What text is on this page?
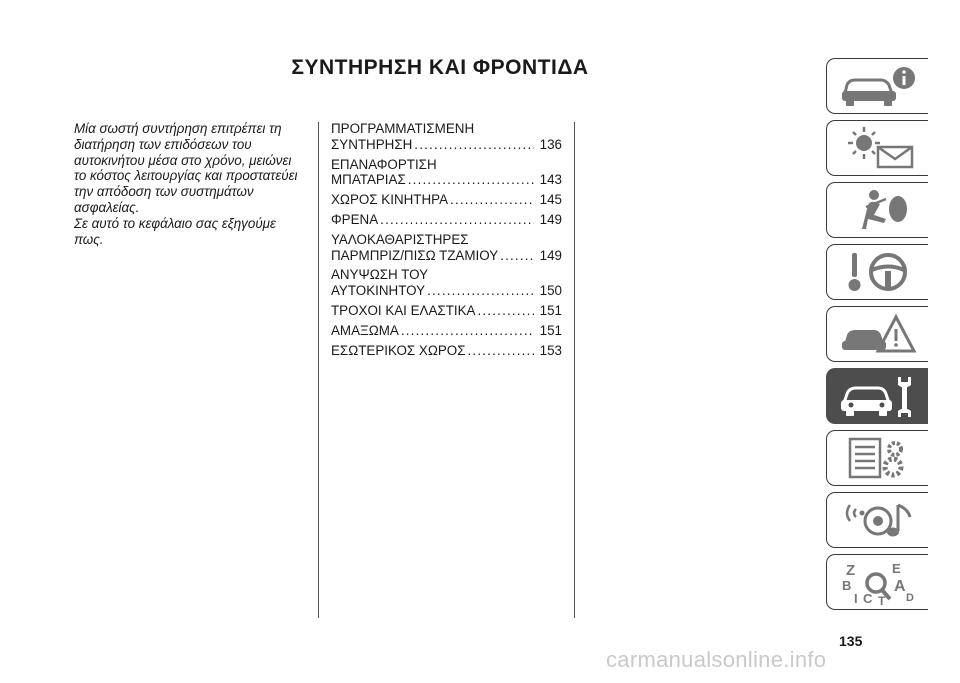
ΣΥΝΤΗΡΗΣΗ ΚΑΙ ΦΡΟΝΤΙΔΑ

Μία σωστή συντήρηση επιτρέπει τη διατήρηση των επιδόσεων του αυτοκινήτου μέσα στο χρόνο, μειώνει το κόστος λειτουργίας και προστατεύει την απόδοση των συστημάτων ασφαλείας.

Σε αυτό το κεφάλαιο σας εξηγούμε πως.

ΠΡΟΓΡΑΜΜΑΤΙΣΜΕΝΗ
ΣΥΝΤΗΡΗΣΗ .....	136
ΕΠΑΝΑΦΟΡΤΙΣΗ
ΜΠΑΤΑΡΙΑΣ .....	143
ΧΩΡΟΣ ΚΙΝΗΤΗΡΑ .....	145
ΦΡΕΝΑ .....	149
ΥΑΛΟΚΑΘΑΡΙΣΤΗΡΕΣ
ΠΑΡΜΠΡΙΖ/ΠΙΣΩ ΤΖΑΜΙΟΥ .....	149
ΑΝΥΨΩΣΗ ΤΟΥ
ΑΥΤΟΚΙΝΗΤΟΥ .....	150
ΤΡΟΧΟΙ ΚΑΙ ΕΛΑΣΤΙΚΑ .....	151
ΑΜΑΞΩΜΑ .....	151
ΕΣΩΤΕΡΙΚΟΣ ΧΩΡΟΣ .....	153
Z	E
B	A
I C	D
T
135
carmanualsonline.info
